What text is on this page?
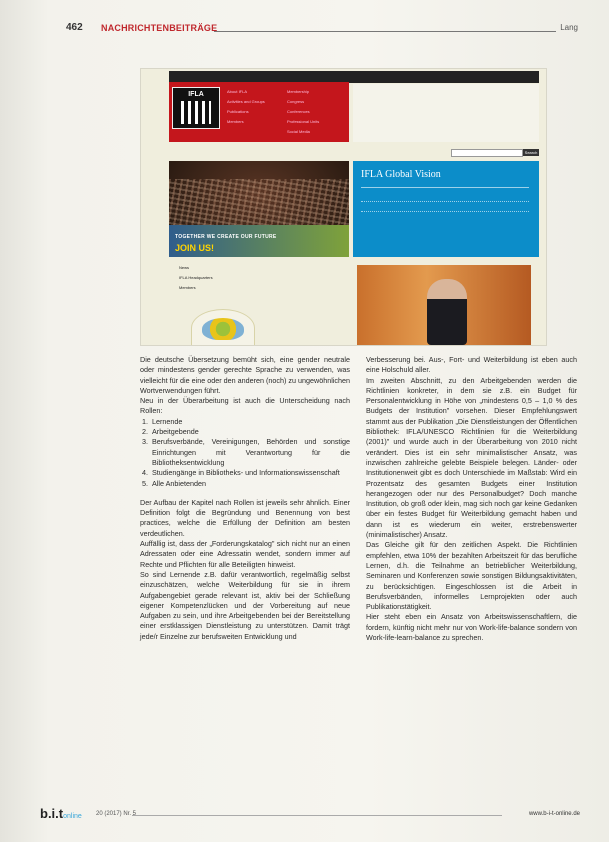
462 NACHRICHTENBEITRÄGE	Lang
IFLA	About IFLA
Activities and Groups
Publications
Members
Membership
Congress
Conferences
Professional Units
Social Media
Search
TOGETHER WE CREATE OUR FUTURE
JOIN US!
IFLA Global Vision
News
IFLA Headquarters
Members

Die deutsche Übersetzung bemüht sich, eine gender neutrale oder mindestens gender gerechte Sprache zu verwenden, was vielleicht für die eine oder den anderen (noch) zu ungewöhnlichen Wortverwendungen führt.

Neu in der Überarbeitung ist auch die Unterscheidung nach Rollen:

1. Lernende
2. Arbeitgebende
3. Berufsverbände, Vereinigungen, Behörden und sonstige Einrichtungen mit Verantwortung für die Bibliotheksentwicklung
4. Studiengänge in Bibliotheks- und Informationswissenschaft
5. Alle Anbietenden

Der Aufbau der Kapitel nach Rollen ist jeweils sehr ähnlich. Einer Definition folgt die Begründung und Benennung von best practices, welche die Erfüllung der Definition am besten verdeutlichen.

Auffällig ist, dass der „Forderungskatalog" sich nicht nur an einen Adressaten oder eine Adressatin wendet, sondern immer auf Rechte und Pflichten für alle Beteiligten hinweist.

So sind Lernende z.B. dafür verantwortlich, regelmäßig selbst einzuschätzen, welche Weiterbildung für sie in ihrem Aufgabengebiet gerade relevant ist, aktiv bei der Schließung eigener Kompetenzlücken und der Vorbereitung auf neue Aufgaben zu sein, und ihre Arbeitgebenden bei der Bereitstellung einer erstklassigen Dienstleistung zu unterstützen. Damit trägt jede/r Einzelne zur berufsweiten Entwicklung und

Verbesserung bei. Aus-, Fort- und Weiterbildung ist eben auch eine Holschuld aller.

Im zweiten Abschnitt, zu den Arbeitgebenden werden die Richtlinien konkreter, in dem sie z.B. ein Budget für Personalentwicklung in Höhe von „mindestens 0,5 – 1,0 % des Budgets der Institution" vorsehen. Dieser Empfehlungswert stammt aus der Publikation „Die Dienstleistungen der Öffentlichen Bibliothek: IFLA/UNESCO Richtlinien für die Weiterbildung (2001)" und wurde auch in der Überarbeitung von 2010 nicht verändert. Dies ist ein sehr minimalistischer Ansatz, was inzwischen zahlreiche gelebte Beispiele belegen. Länder- oder Institutionenweit gibt es doch Unterschiede im Maßstab: Wird ein Prozentsatz des gesamten Budgets einer Institution herangezogen oder nur des Personalbudget? Doch manche Institution, ob groß oder klein, mag sich noch gar keine Gedanken über ein festes Budget für Weiterbildung gemacht haben und dann ist es wiederum ein weiter, erstrebenswerter (minimalistischer) Ansatz.

Das Gleiche gilt für den zeitlichen Aspekt. Die Richtlinien empfehlen, etwa 10% der bezahlten Arbeitszeit für das berufliche Lernen, d.h. die Teilnahme an betrieblicher Weiterbildung, Seminaren und Konferenzen sowie sonstigen Bildungsaktivitäten, zu berücksichtigen. Eingeschlossen ist die Arbeit in Berufsverbänden, informelles Lernprojekten oder auch Publikationstätigkeit.

Hier steht eben ein Ansatz von Arbeitswissenschaftlern, die fordern, künftig nicht mehr nur von Work-life-balance sondern von Work-life-learn-balance zu sprechen.

b.i.tonline 20 (2017) Nr. 5	www.b-i-t-online.de
